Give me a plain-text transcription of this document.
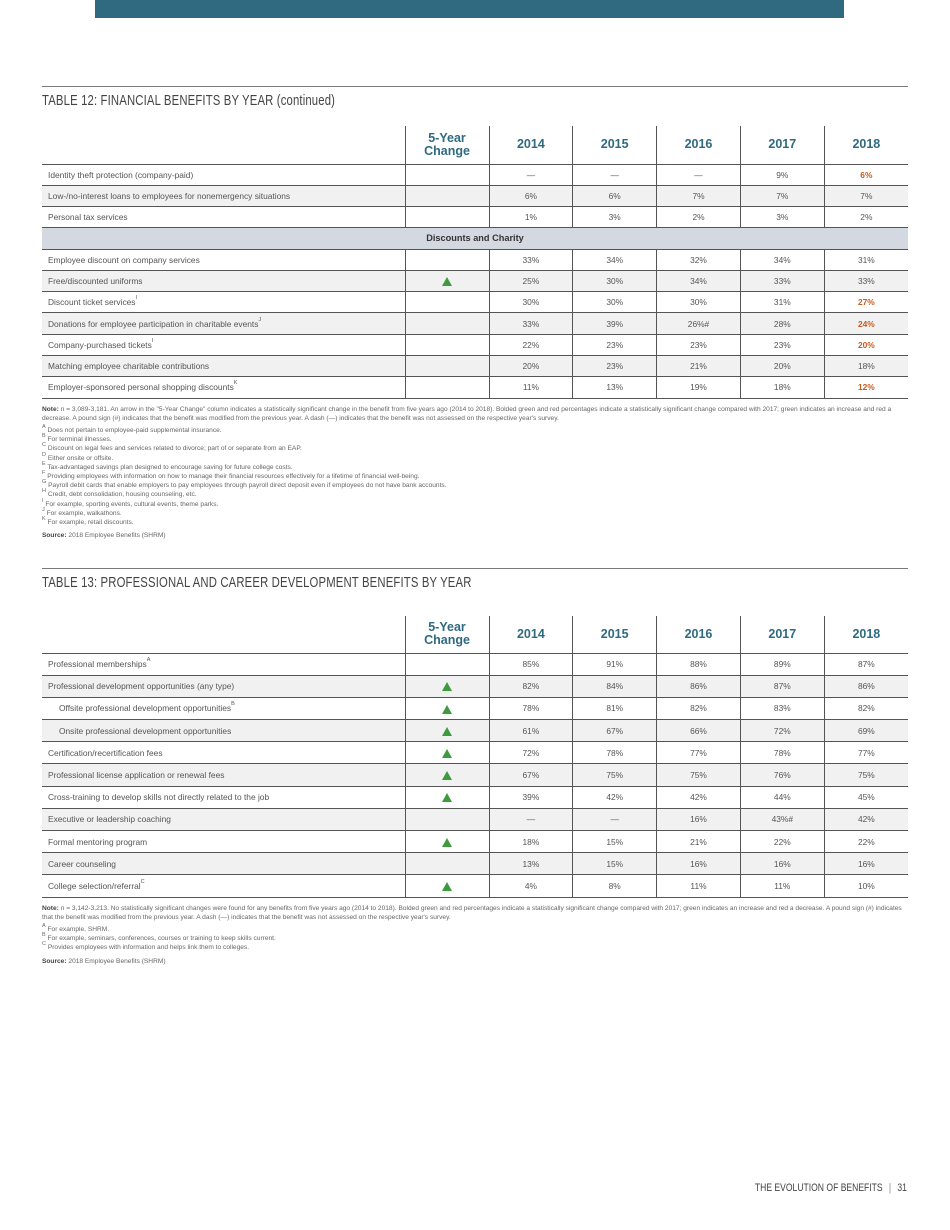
TABLE 12: FINANCIAL BENEFITS BY YEAR (continued)
	5-Year
Change	2014	2015	2016	2017	2018
Identity theft protection (company-paid)		—	—	—	9%	6%
Low-/no-interest loans to employees for nonemergency situations		6%	6%	7%	7%	7%
Personal tax services		1%	3%	2%	3%	2%
Discounts and Charity						
Employee discount on company services		33%	34%	32%	34%	31%
Free/discounted uniforms		25%	30%	34%	33%	33%
Discount ticket services$^I$		30%	30%	30%	31%	27%
Donations for employee participation in charitable events$^J$		33%	39%	26%#	28%	24%
Company-purchased tickets$^I$		22%	23%	23%	23%	20%
Matching employee charitable contributions		20%	23%	21%	20%	18%
Employer-sponsored personal shopping discounts$^K$		11%	13%	19%	18%	12%
Note: n = 3,089-3,181. An arrow in the "5-Year Change" column indicates a statistically significant change in the benefit from five years ago (2014 to 2018). Bolded green and red percentages indicate a statistically significant change compared with 2017; green indicates an increase and red a decrease. A pound sign (#) indicates that the benefit was modified from the previous year. A dash (—) indicates that the benefit was not assessed on the respective year's survey.
$^A$ Does not pertain to employee-paid supplemental insurance.
$^B$ For terminal illnesses.
$^C$ Discount on legal fees and services related to divorce; part of or separate from an EAP.
$^D$ Either onsite or offsite.
$^E$ Tax-advantaged savings plan designed to encourage saving for future college costs.
$^F$ Providing employees with information on how to manage their financial resources effectively for a lifetime of financial well-being.
$^G$ Payroll debit cards that enable employers to pay employees through payroll direct deposit even if employees do not have bank accounts.
$^H$ Credit, debt consolidation, housing counseling, etc.
$^I$ For example, sporting events, cultural events, theme parks.
$^J$ For example, walkathons.
$^K$ For example, retail discounts.
Source: 2018 Employee Benefits (SHRM)
TABLE 13: PROFESSIONAL AND CAREER DEVELOPMENT BENEFITS BY YEAR
	5-Year
Change	2014	2015	2016	2017	2018
Professional memberships$^A$		85%	91%	88%	89%	87%
Professional development opportunities (any type)		82%	84%	86%	87%	86%
Offsite professional development opportunities$^B$		78%	81%	82%	83%	82%
Onsite professional development opportunities		61%	67%	66%	72%	69%
Certification/recertification fees		72%	78%	77%	78%	77%
Professional license application or renewal fees		67%	75%	75%	76%	75%
Cross-training to develop skills not directly related to the job		39%	42%	42%	44%	45%
Executive or leadership coaching		—	—	16%	43%#	42%
Formal mentoring program		18%	15%	21%	22%	22%
Career counseling		13%	15%	16%	16%	16%
College selection/referral$^C$		4%	8%	11%	11%	10%
Note: n = 3,142-3,213. No statistically significant changes were found for any benefits from five years ago (2014 to 2018). Bolded green and red percentages indicate a statistically significant change compared with 2017; green indicates an increase and red a decrease. A pound sign (#) indicates that the benefit was modified from the previous year. A dash (—) indicates that the benefit was not assessed on the respective year's survey.
$^A$ For example, SHRM.
$^B$ For example, seminars, conferences, courses or training to keep skills current.
$^C$ Provides employees with information and helps link them to colleges.
Source: 2018 Employee Benefits (SHRM)
THE EVOLUTION OF BENEFITS | 31
